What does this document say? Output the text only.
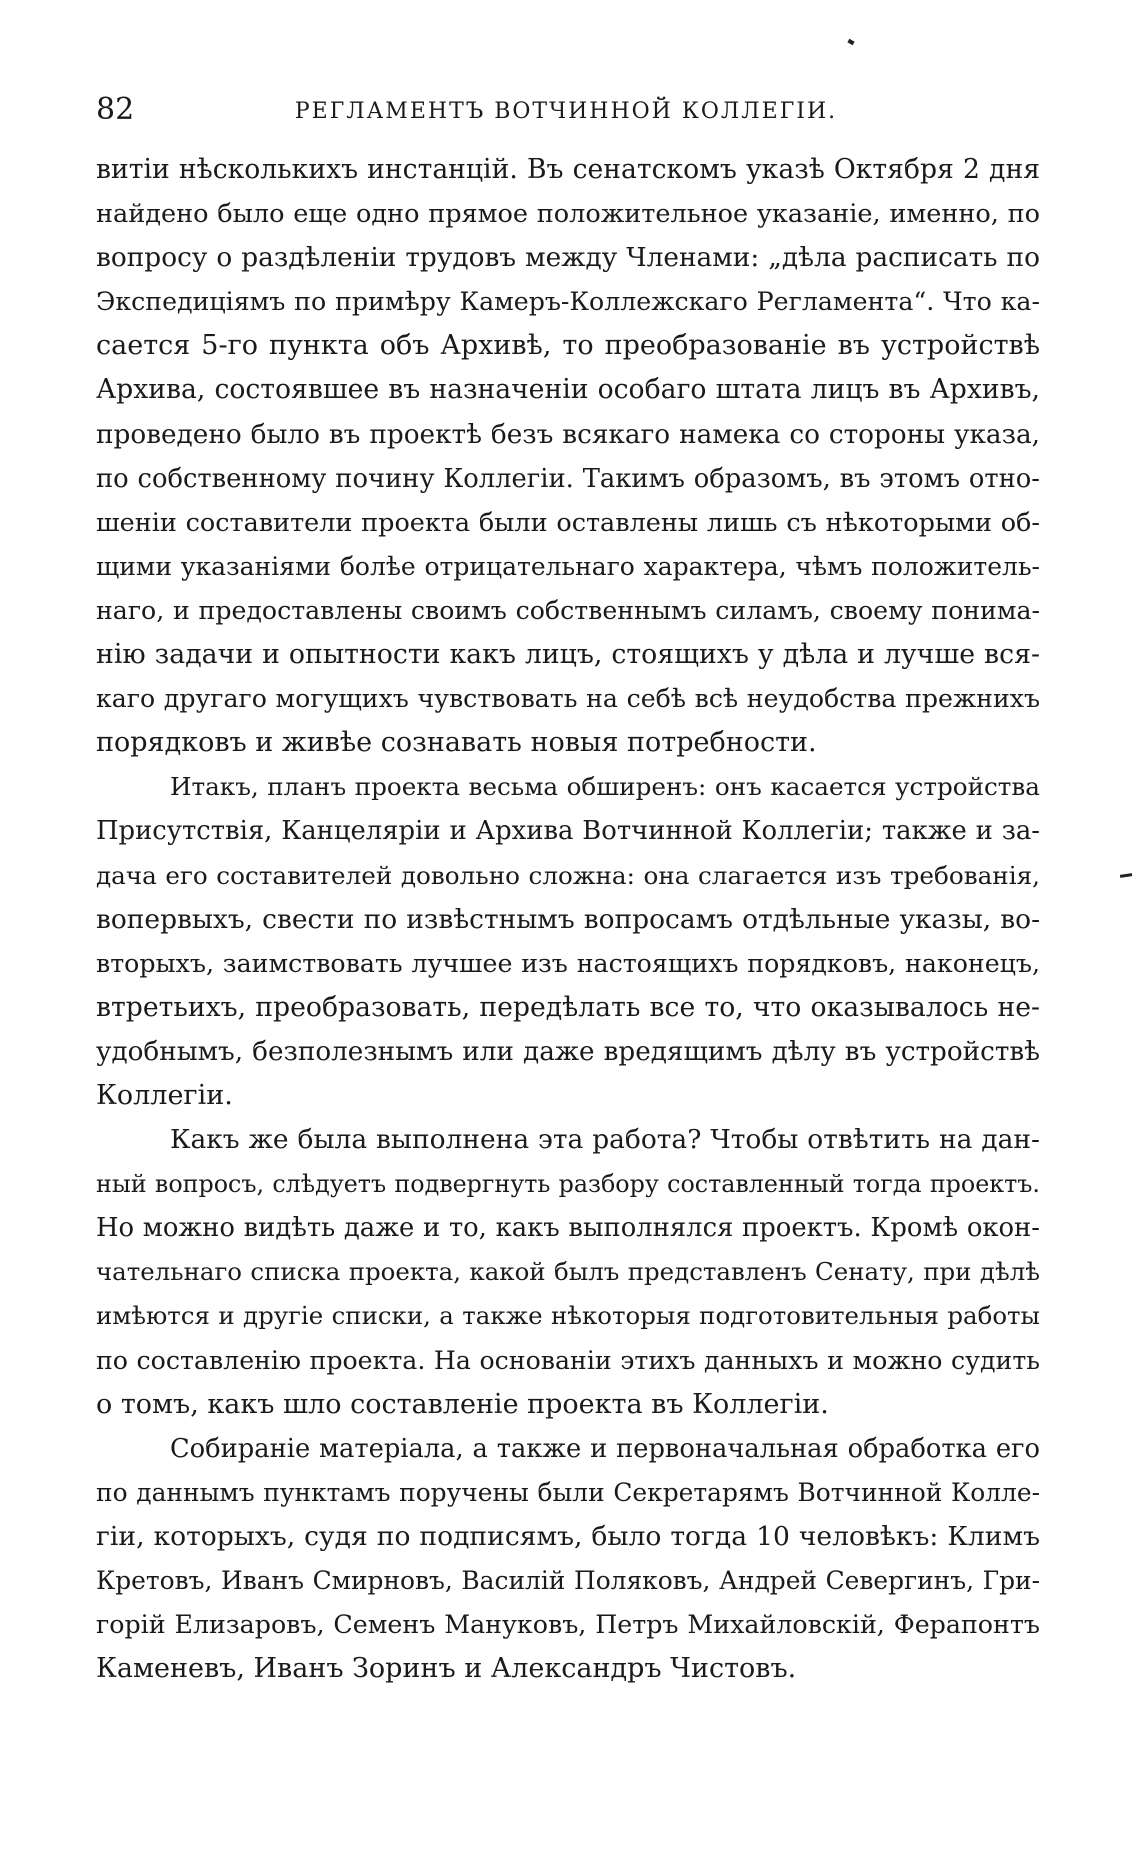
82	РЕГЛАМЕНТЪ ВОТЧИННОЙ КОЛЛЕГІИ.
витіи нѣсколькихъ инстанцій. Въ сенатскомъ указѣ Октября 2 дня
найдено было еще одно прямое положительное указаніе, именно, по
вопросу о раздѣленіи трудовъ между Членами: „дѣла расписать по
Экспедиціямъ по примѣру Камеръ-Коллежскаго Регламента“. Что ка-
сается 5-го пункта объ Архивѣ, то преобразованіе въ устройствѣ
Архива, состоявшее въ назначеніи особаго штата лицъ въ Архивъ,
проведено было въ проектѣ безъ всякаго намека со стороны указа,
по собственному почину Коллегіи. Такимъ образомъ, въ этомъ отно-
шеніи составители проекта были оставлены лишь съ нѣкоторыми об-
щими указаніями болѣе отрицательнаго характера, чѣмъ положитель-
наго, и предоставлены своимъ собственнымъ силамъ, своему понима-
нію задачи и опытности какъ лицъ, стоящихъ у дѣла и лучше вся-
каго другаго могущихъ чувствовать на себѣ всѣ неудобства прежнихъ
порядковъ и живѣе сознавать новыя потребности.
Итакъ, планъ проекта весьма обширенъ: онъ касается устройства
Присутствія, Канцеляріи и Архива Вотчинной Коллегіи; также и за-
дача его составителей довольно сложна: она слагается изъ требованія,
вопервыхъ, свести по извѣстнымъ вопросамъ отдѣльные указы, во-
вторыхъ, заимствовать лучшее изъ настоящихъ порядковъ, наконецъ,
втретьихъ, преобразовать, передѣлать все то, что оказывалось не-
удобнымъ, безполезнымъ или даже вредящимъ дѣлу въ устройствѣ
Коллегіи.
Какъ же была выполнена эта работа? Чтобы отвѣтить на дан-
ный вопросъ, слѣдуетъ подвергнуть разбору составленный тогда проектъ.
Но можно видѣть даже и то, какъ выполнялся проектъ. Кромѣ окон-
чательнаго списка проекта, какой былъ представленъ Сенату, при дѣлѣ
имѣются и другіе списки, а также нѣкоторыя подготовительныя работы
по составленію проекта. На основаніи этихъ данныхъ и можно судить
о томъ, какъ шло составленіе проекта въ Коллегіи.
Собираніе матеріала, а также и первоначальная обработка его
по даннымъ пунктамъ поручены были Секретарямъ Вотчинной Колле-
гіи, которыхъ, судя по подписямъ, было тогда 10 человѣкъ: Климъ
Кретовъ, Иванъ Смирновъ, Василій Поляковъ, Андрей Севергинъ, Гри-
горій Елизаровъ, Семенъ Мануковъ, Петръ Михайловскій, Ферапонтъ
Каменевъ, Иванъ Зоринъ и Александръ Чистовъ.
